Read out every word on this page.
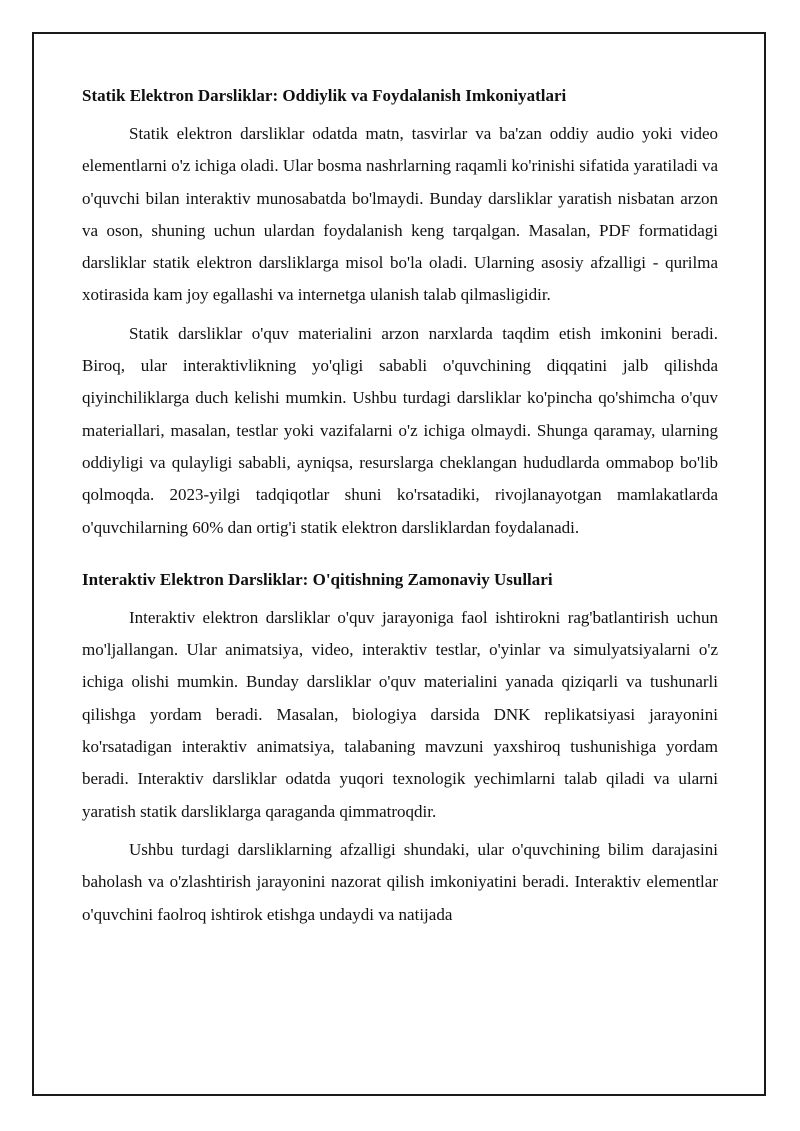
Statik Elektron Darsliklar: Oddiylik va Foydalanish Imkoniyatlari

Statik elektron darsliklar odatda matn, tasvirlar va ba'zan oddiy audio yoki video elementlarni o'z ichiga oladi. Ular bosma nashrlarning raqamli ko'rinishi sifatida yaratiladi va o'quvchi bilan interaktiv munosabatda bo'lmaydi. Bunday darsliklar yaratish nisbatan arzon va oson, shuning uchun ulardan foydalanish keng tarqalgan. Masalan, PDF formatidagi darsliklar statik elektron darsliklarga misol bo'la oladi. Ularning asosiy afzalligi - qurilma xotirasida kam joy egallashi va internetga ulanish talab qilmasligidir.

Statik darsliklar o'quv materialini arzon narxlarda taqdim etish imkonini beradi. Biroq, ular interaktivlikning yo'qligi sababli o'quvchining diqqatini jalb qilishda qiyinchiliklarga duch kelishi mumkin. Ushbu turdagi darsliklar ko'pincha qo'shimcha o'quv materiallari, masalan, testlar yoki vazifalarni o'z ichiga olmaydi. Shunga qaramay, ularning oddiyligi va qulayligi sababli, ayniqsa, resurslarga cheklangan hududlarda ommabop bo'lib qolmoqda. 2023-yilgi tadqiqotlar shuni ko'rsatadiki, rivojlanayotgan mamlakatlarda o'quvchilarning 60% dan ortig'i statik elektron darsliklardan foydalanadi.

Interaktiv Elektron Darsliklar: O'qitishning Zamonaviy Usullari

Interaktiv elektron darsliklar o'quv jarayoniga faol ishtirokni rag'batlantirish uchun mo'ljallangan. Ular animatsiya, video, interaktiv testlar, o'yinlar va simulyatsiyalarni o'z ichiga olishi mumkin. Bunday darsliklar o'quv materialini yanada qiziqarli va tushunarli qilishga yordam beradi. Masalan, biologiya darsida DNK replikatsiyasi jarayonini ko'rsatadigan interaktiv animatsiya, talabaning mavzuni yaxshiroq tushunishiga yordam beradi. Interaktiv darsliklar odatda yuqori texnologik yechimlarni talab qiladi va ularni yaratish statik darsliklarga qaraganda qimmatroqdir.

Ushbu turdagi darsliklarning afzalligi shundaki, ular o'quvchining bilim darajasini baholash va o'zlashtirish jarayonini nazorat qilish imkoniyatini beradi. Interaktiv elementlar o'quvchini faolroq ishtirok etishga undaydi va natijada
